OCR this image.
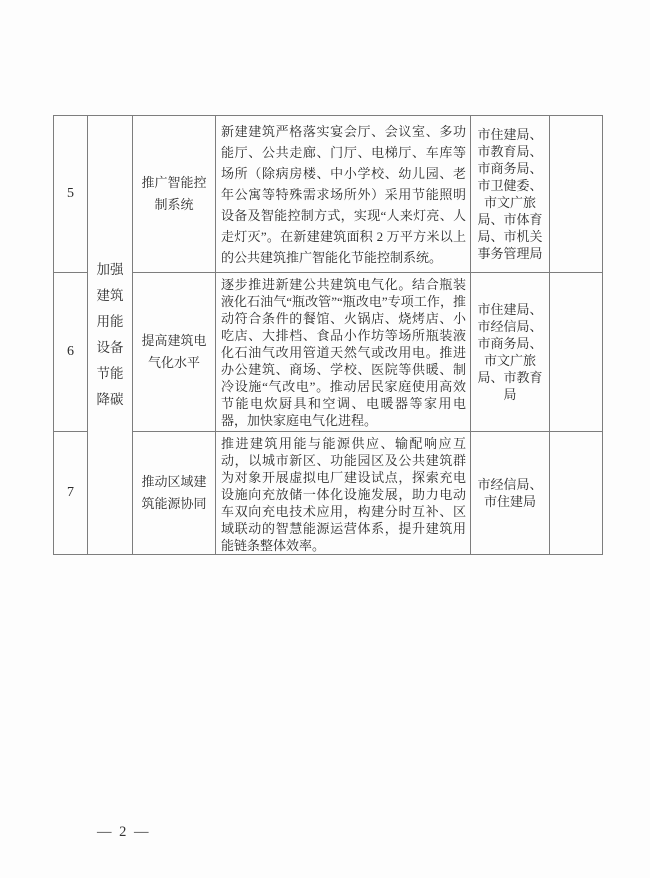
5	加强建筑用能设备节能降碳	推广智能控制系统	新建建筑严格落实宴会厅、会议室、多功能厅、公共走廊、门厅、电梯厅、车库等场所（除病房楼、中小学校、幼儿园、老年公寓等特殊需求场所外）采用节能照明设备及智能控制方式，实现“人来灯亮、人走灯灭”。在新建建筑面积 2 万平方米以上的公共建筑推广智能化节能控制系统。	市住建局、市教育局、市商务局、市卫健委、市文广旅局、市体育局、市机关事务管理局	
6		提高建筑电气化水平	逐步推进新建公共建筑电气化。结合瓶装液化石油气“瓶改管”“瓶改电”专项工作，推动符合条件的餐馆、火锅店、烧烤店、小吃店、大排档、食品小作坊等场所瓶装液化石油气改用管道天然气或改用电。推进办公建筑、商场、学校、医院等供暖、制冷设施“气改电”。推动居民家庭使用高效节能电炊厨具和空调、电暖器等家用电器，加快家庭电气化进程。	市住建局、市经信局、市商务局、市文广旅局、市教育局	
7		推动区域建筑能源协同	推进建筑用能与能源供应、输配响应互动，以城市新区、功能园区及公共建筑群为对象开展虚拟电厂建设试点，探索充电设施向充放储一体化设施发展，助力电动车双向充电技术应用，构建分时互补、区域联动的智慧能源运营体系，提升建筑用能链条整体效率。	市经信局、市住建局	
— 2 —
